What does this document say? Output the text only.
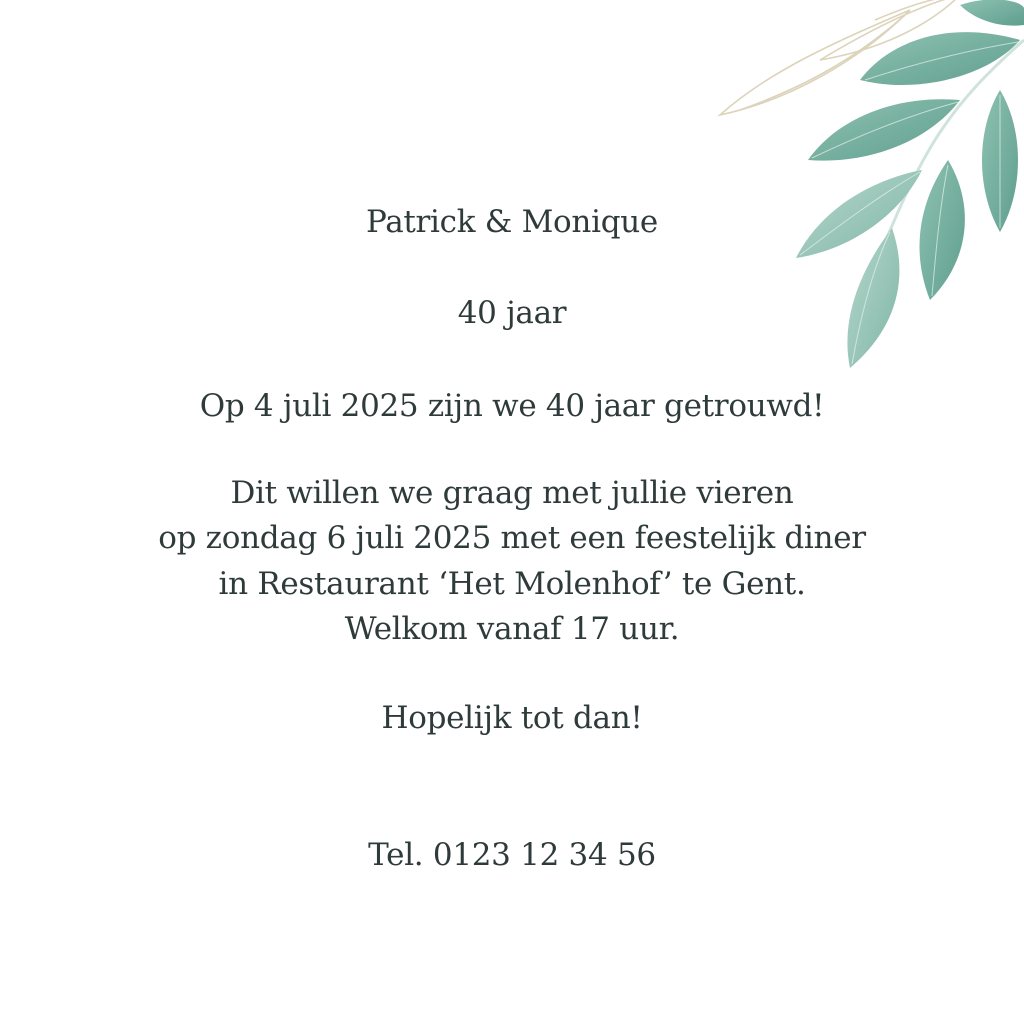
Patrick & Monique
40 jaar
Op 4 juli 2025 zijn we 40 jaar getrouwd!
Dit willen we graag met jullie vieren
op zondag 6 juli 2025 met een feestelijk diner
in Restaurant ‘Het Molenhof’ te Gent.
Welkom vanaf 17 uur.
Hopelijk tot dan!
Tel. 0123 12 34 56
